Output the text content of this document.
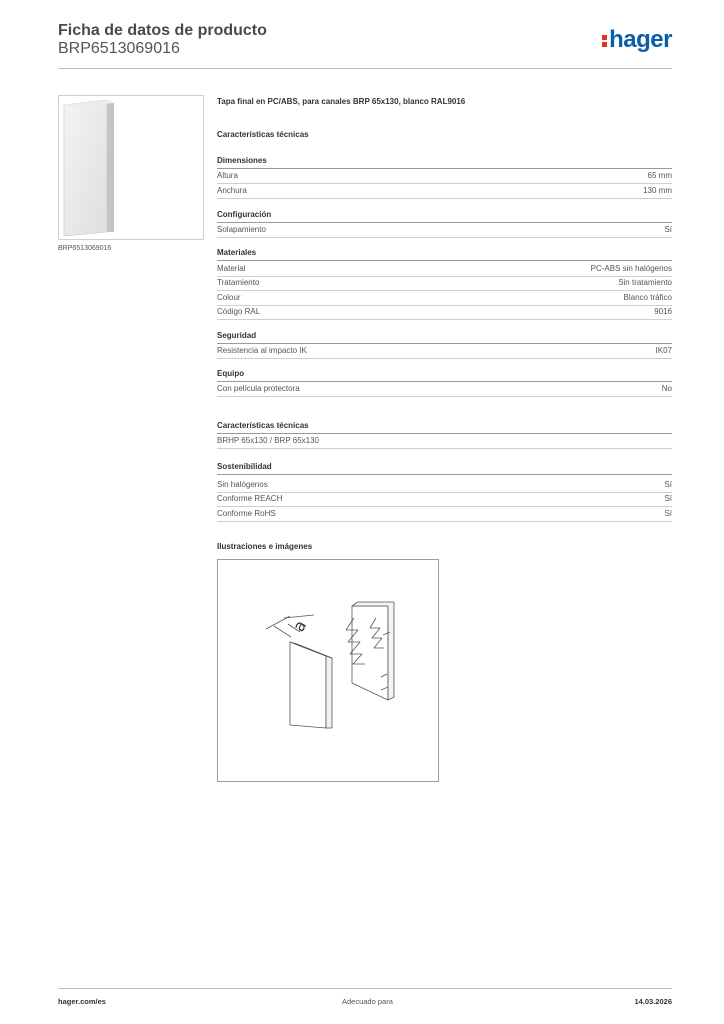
Ficha de datos de producto
BRP6513069016	hager
BRP6513069016
Tapa final en PC/ABS, para canales BRP 65x130, blanco RAL9016
Características técnicas
Dimensiones
Altura	65 mm
Anchura	130 mm
Configuración
Solapamiento	Sí
Materiales
Material	PC-ABS sin halógenos
Tratamiento	Sin tratamiento
Colour	Blanco tráfico
Código RAL	9016
Seguridad
Resistencia al impacto IK	IK07
Equipo
Con película protectora	No
Características técnicas
BRHP 65x130 / BRP 65x130
Sostenibilidad
Sin halógenos	Sí
Conforme REACH	Sí
Conforme RoHS	Sí
Ilustraciones e imágenes
a
hager.com/es	Adecuado para	14.03.2026
